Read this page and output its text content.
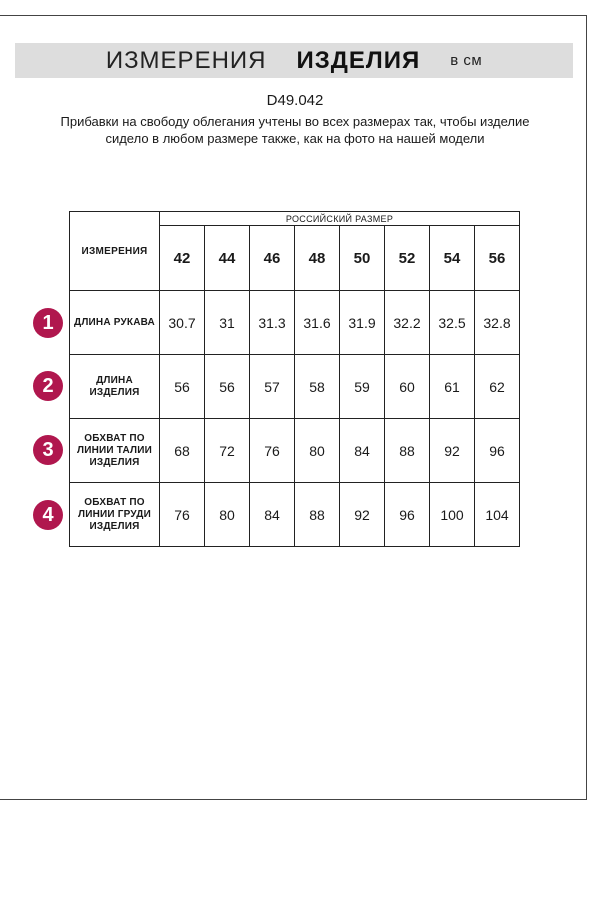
ИЗМЕРЕНИЯ ИЗДЕЛИЯ в см
D49.042
Прибавки на свободу облегания учтены во всех размерах так, чтобы изделие сидело в любом размере также, как на фото на нашей модели
ИЗМЕРЕНИЯ	РОССИЙСКИЙ РАЗМЕР							
	42	44	46	48	50	52	54	56
ДЛИНА РУКАВА	30.7	31	31.3	31.6	31.9	32.2	32.5	32.8
ДЛИНА ИЗДЕЛИЯ	56	56	57	58	59	60	61	62
ОБХВАТ ПО ЛИНИИ ТАЛИИ ИЗДЕЛИЯ	68	72	76	80	84	88	92	96
ОБХВАТ ПО ЛИНИИ ГРУДИ ИЗДЕЛИЯ	76	80	84	88	92	96	100	104
1
2
3
4
